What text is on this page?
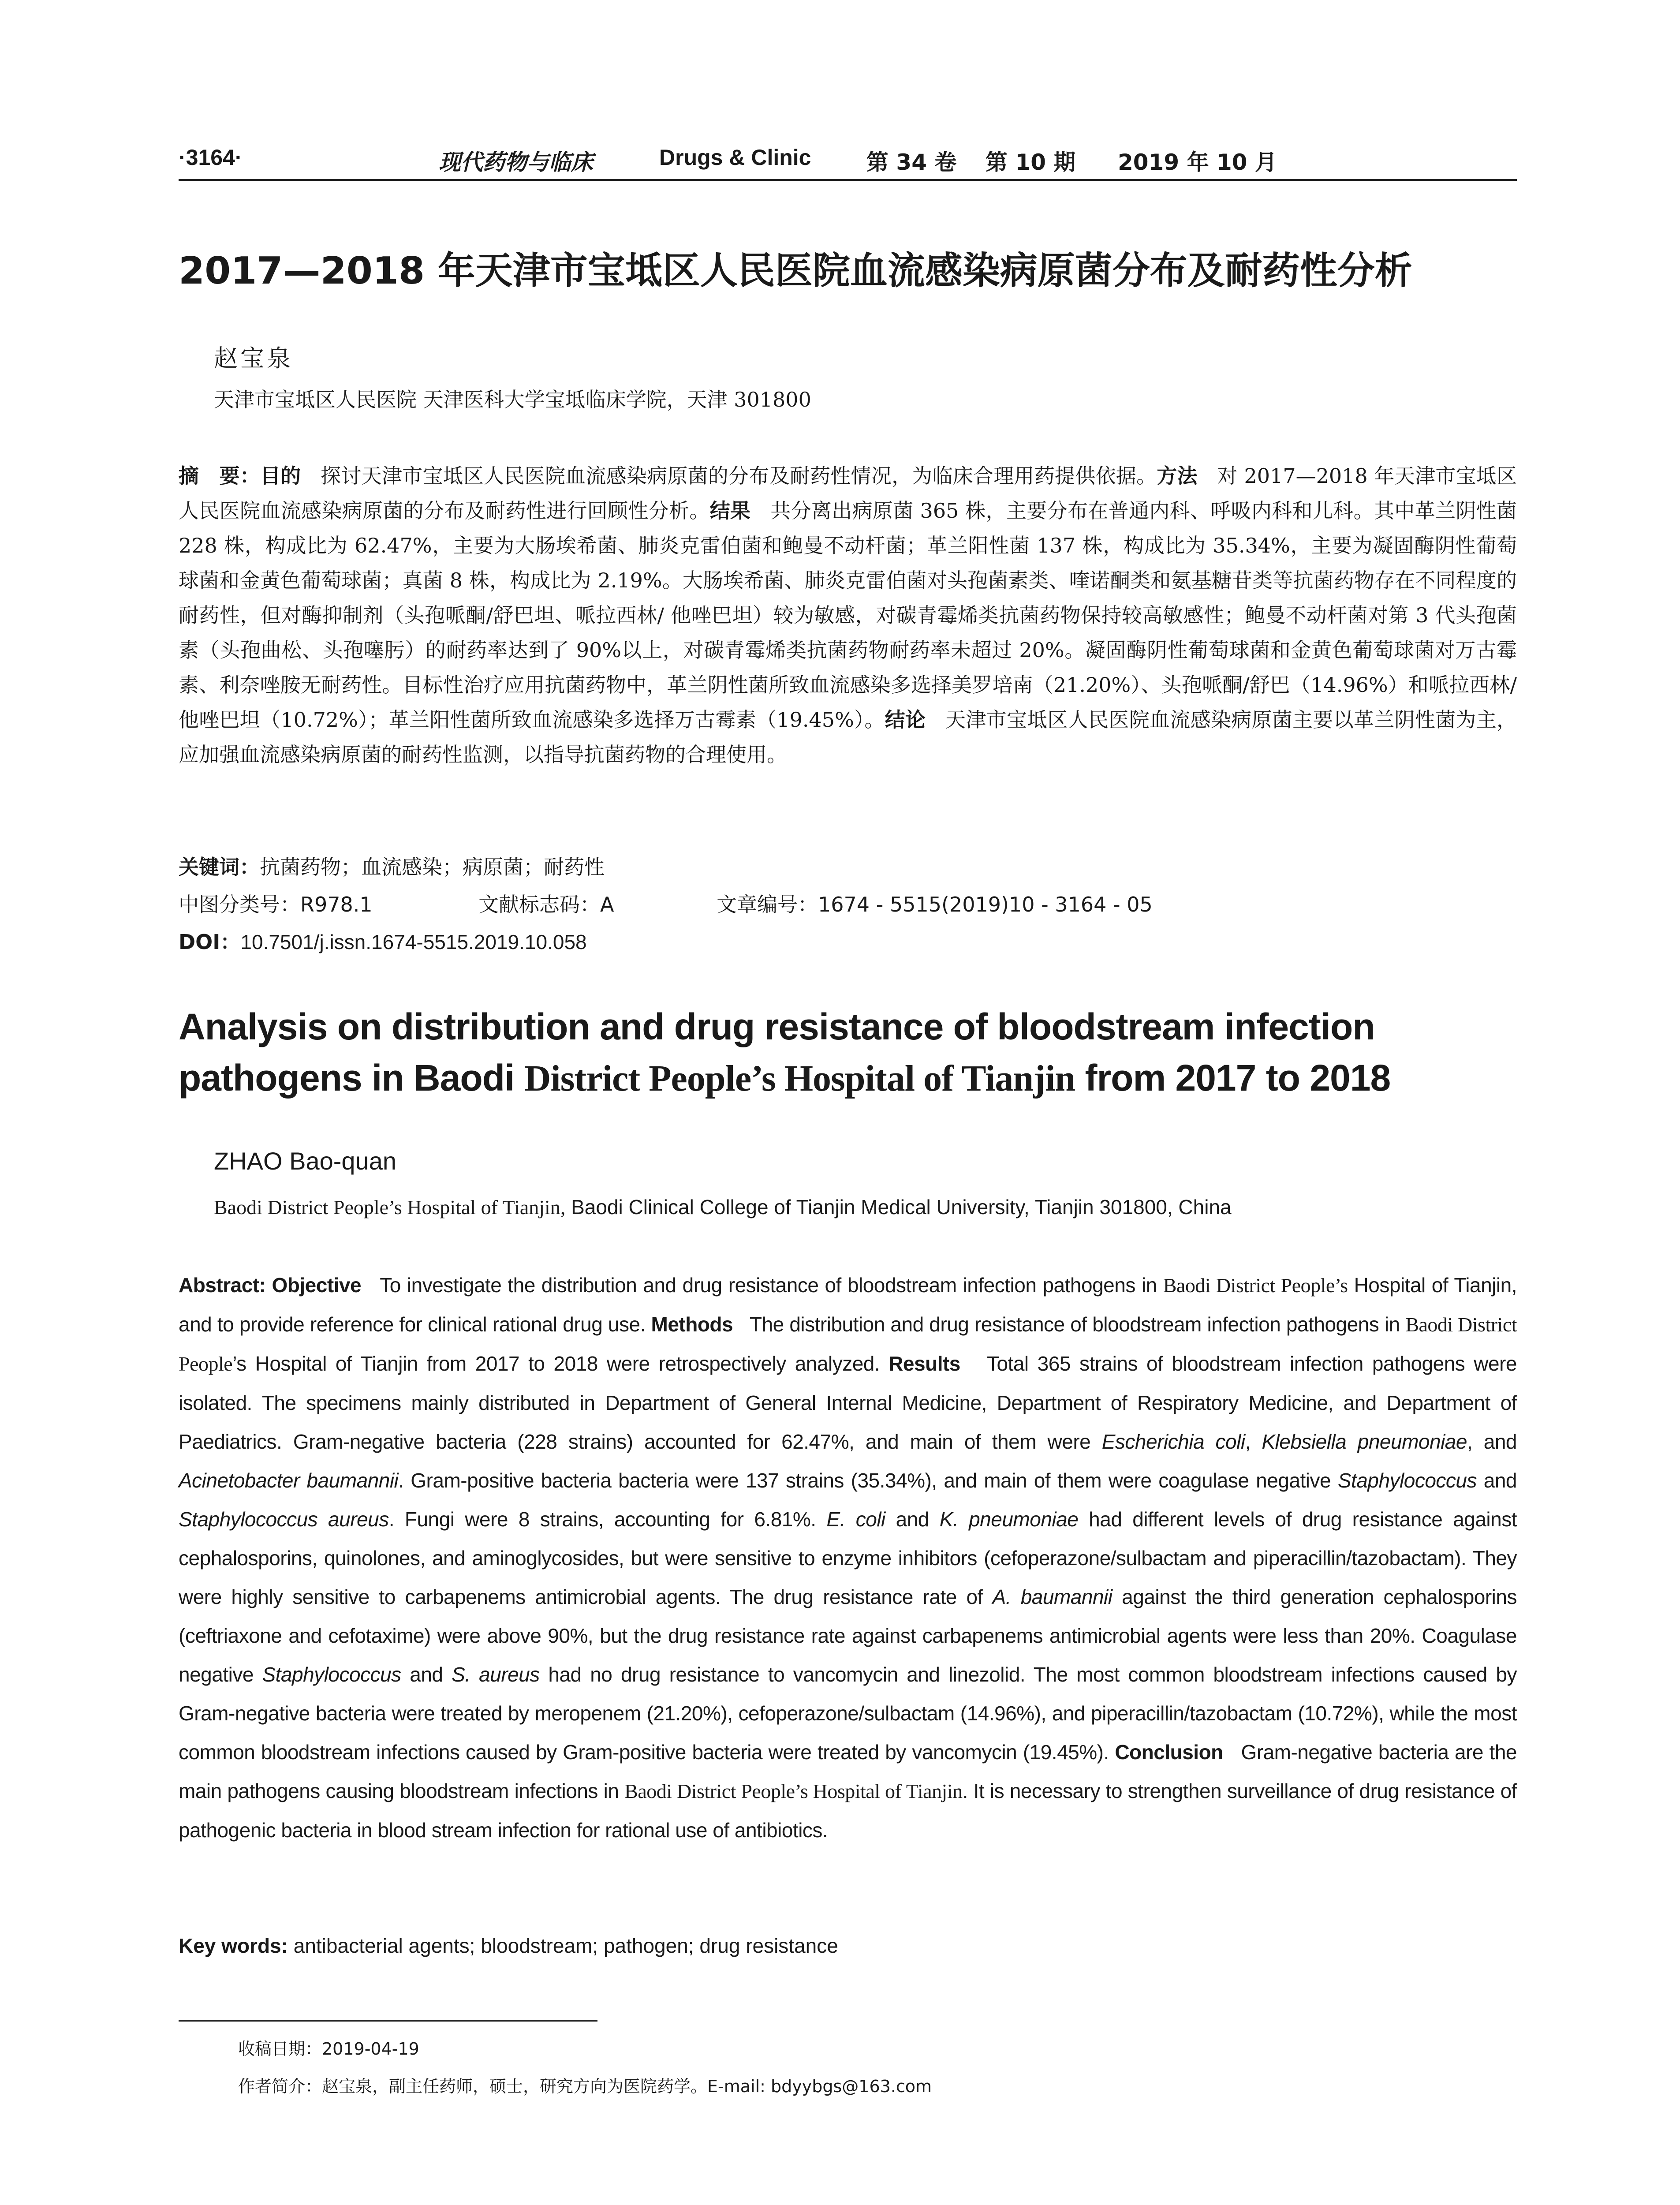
·3164·	现代药物与临床	Drugs & Clinic	第 34 卷 第 10 期 2019 年 10 月
2017—2018 年天津市宝坻区人民医院血流感染病原菌分布及耐药性分析
赵宝泉
天津市宝坻区人民医院 天津医科大学宝坻临床学院，天津 301800
摘　要：目的 探讨天津市宝坻区人民医院血流感染病原菌的分布及耐药性情况，为临床合理用药提供依据。方法 对 2017—2018 年天津市宝坻区人民医院血流感染病原菌的分布及耐药性进行回顾性分析。结果 共分离出病原菌 365 株，主要分布在普通内科、呼吸内科和儿科。其中革兰阴性菌 228 株，构成比为 62.47%，主要为大肠埃希菌、肺炎克雷伯菌和鲍曼不动杆菌；革兰阳性菌 137 株，构成比为 35.34%，主要为凝固酶阴性葡萄球菌和金黄色葡萄球菌；真菌 8 株，构成比为 2.19%。大肠埃希菌、肺炎克雷伯菌对头孢菌素类、喹诺酮类和氨基糖苷类等抗菌药物存在不同程度的耐药性，但对酶抑制剂（头孢哌酮/舒巴坦、哌拉西林/ 他唑巴坦）较为敏感，对碳青霉烯类抗菌药物保持较高敏感性；鲍曼不动杆菌对第 3 代头孢菌素（头孢曲松、头孢噻肟）的耐药率达到了 90%以上，对碳青霉烯类抗菌药物耐药率未超过 20%。凝固酶阴性葡萄球菌和金黄色葡萄球菌对万古霉素、利奈唑胺无耐药性。目标性治疗应用抗菌药物中，革兰阴性菌所致血流感染多选择美罗培南（21.20%）、头孢哌酮/舒巴（14.96%）和哌拉西林/他唑巴坦（10.72%）；革兰阳性菌所致血流感染多选择万古霉素（19.45%）。结论 天津市宝坻区人民医院血流感染病原菌主要以革兰阴性菌为主，应加强血流感染病原菌的耐药性监测，以指导抗菌药物的合理使用。
关键词：抗菌药物；血流感染；病原菌；耐药性
中图分类号：R978.1	文献标志码：A	文章编号：1674 - 5515(2019)10 - 3164 - 05
DOI：10.7501/j.issn.1674-5515.2019.10.058
Analysis on distribution and drug resistance of bloodstream infection pathogens in Baodi District People’s Hospital of Tianjin from 2017 to 2018
ZHAO Bao-quan
Baodi District People’s Hospital of Tianjin, Baodi Clinical College of Tianjin Medical University, Tianjin 301800, China
Abstract: Objective To investigate the distribution and drug resistance of bloodstream infection pathogens in Baodi District People’s Hospital of Tianjin, and to provide reference for clinical rational drug use. Methods The distribution and drug resistance of bloodstream infection pathogens in Baodi District People’s Hospital of Tianjin from 2017 to 2018 were retrospectively analyzed. Results Total 365 strains of bloodstream infection pathogens were isolated. The specimens mainly distributed in Department of General Internal Medicine, Department of Respiratory Medicine, and Department of Paediatrics. Gram-negative bacteria (228 strains) accounted for 62.47%, and main of them were Escherichia coli, Klebsiella pneumoniae, and Acinetobacter baumannii. Gram-positive bacteria bacteria were 137 strains (35.34%), and main of them were coagulase negative Staphylococcus and Staphylococcus aureus. Fungi were 8 strains, accounting for 6.81%. E. coli and K. pneumoniae had different levels of drug resistance against cephalosporins, quinolones, and aminoglycosides, but were sensitive to enzyme inhibitors (cefoperazone/sulbactam and piperacillin/tazobactam). They were highly sensitive to carbapenems antimicrobial agents. The drug resistance rate of A. baumannii against the third generation cephalosporins (ceftriaxone and cefotaxime) were above 90%, but the drug resistance rate against carbapenems antimicrobial agents were less than 20%. Coagulase negative Staphylococcus and S. aureus had no drug resistance to vancomycin and linezolid. The most common bloodstream infections caused by Gram-negative bacteria were treated by meropenem (21.20%), cefoperazone/sulbactam (14.96%), and piperacillin/tazobactam (10.72%), while the most common bloodstream infections caused by Gram-positive bacteria were treated by vancomycin (19.45%). Conclusion Gram-negative bacteria are the main pathogens causing bloodstream infections in Baodi District People’s Hospital of Tianjin. It is necessary to strengthen surveillance of drug resistance of pathogenic bacteria in blood stream infection for rational use of antibiotics.
Key words: antibacterial agents; bloodstream; pathogen; drug resistance
收稿日期：2019-04-19
作者简介：赵宝泉，副主任药师，硕士，研究方向为医院药学。E-mail: bdyybgs@163.com
